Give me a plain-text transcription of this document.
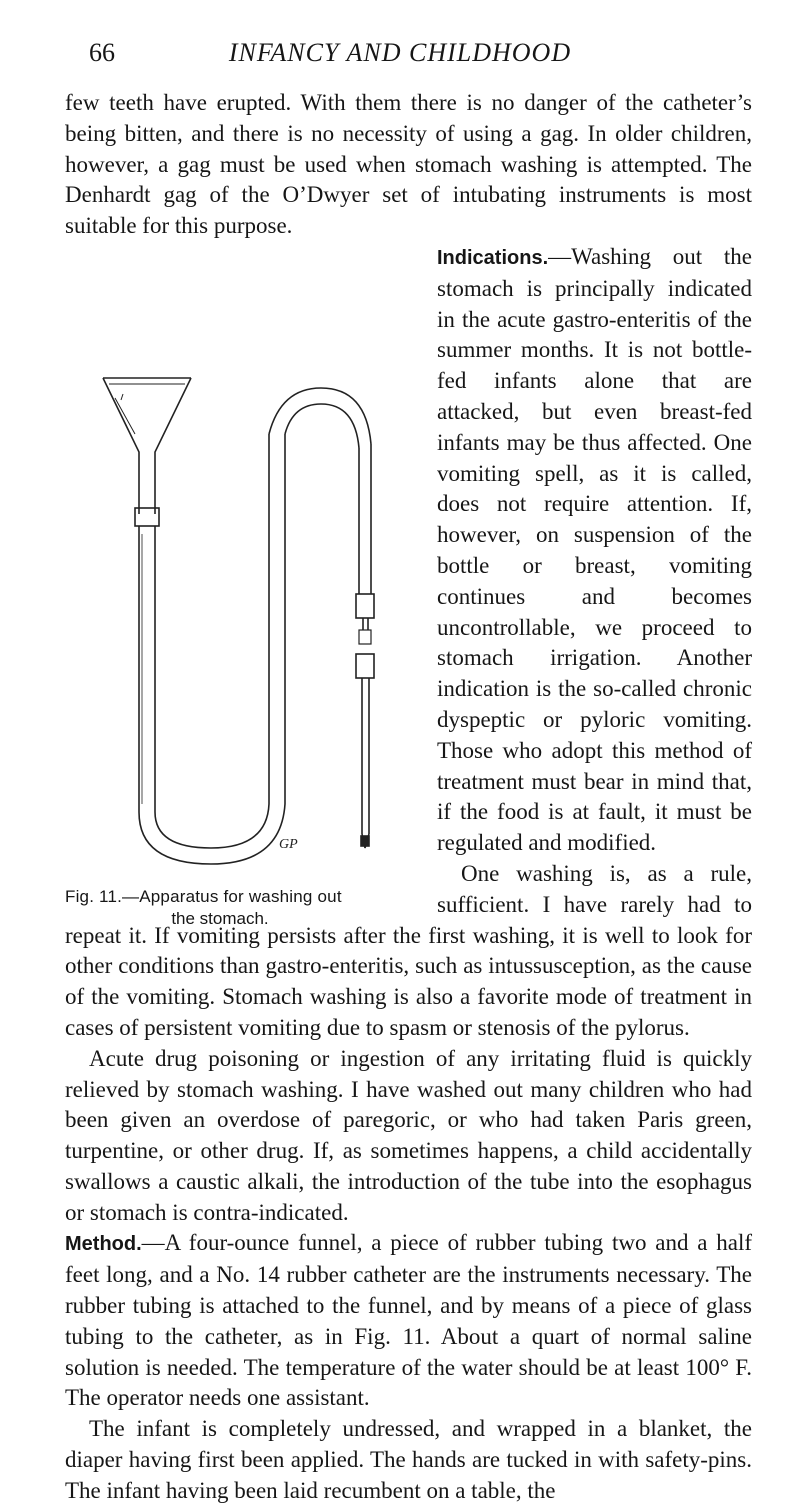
66	INFANCY AND CHILDHOOD
GP
Fig. 11.—Apparatus for washing out
the stomach.

few teeth have erupted. With them there is no danger of the catheter’s being bitten, and there is no necessity of using a gag. In older children, however, a gag must be used when stomach washing is attempted. The Denhardt gag of the O’Dwyer set of intubating instruments is most suitable for this purpose.

Indications.—Washing out the stomach is principally indicated in the acute gastro-enteritis of the summer months. It is not bottle-fed infants alone that are attacked, but even breast-fed infants may be thus affected. One vomiting spell, as it is called, does not require attention. If, however, on suspension of the bottle or breast, vomiting continues and becomes uncontrollable, we proceed to stomach irrigation. Another indication is the so-called chronic dyspeptic or pyloric vomiting. Those who adopt this method of treatment must bear in mind that, if the food is at fault, it must be regulated and modified.

One washing is, as a rule, sufficient. I have rarely had to repeat it. If vomiting persists after the first washing, it is well to look for other conditions than gastro-enteritis, such as intussusception, as the cause of the vomiting. Stomach washing is also a favorite mode of treatment in cases of persistent vomiting due to spasm or stenosis of the pylorus.

Acute drug poisoning or ingestion of any irritating fluid is quickly relieved by stomach washing. I have washed out many children who had been given an overdose of paregoric, or who had taken Paris green, turpentine, or other drug. If, as sometimes happens, a child accidentally swallows a caustic alkali, the introduction of the tube into the esophagus or stomach is contra-indicated.

Method.—A four-ounce funnel, a piece of rubber tubing two and a half feet long, and a No. 14 rubber catheter are the instruments necessary. The rubber tubing is attached to the funnel, and by means of a piece of glass tubing to the catheter, as in Fig. 11. About a quart of normal saline solution is needed. The temperature of the water should be at least 100° F. The operator needs one assistant.

The infant is completely undressed, and wrapped in a blanket, the diaper having first been applied. The hands are tucked in with safety-pins. The infant having been laid recumbent on a table, the
